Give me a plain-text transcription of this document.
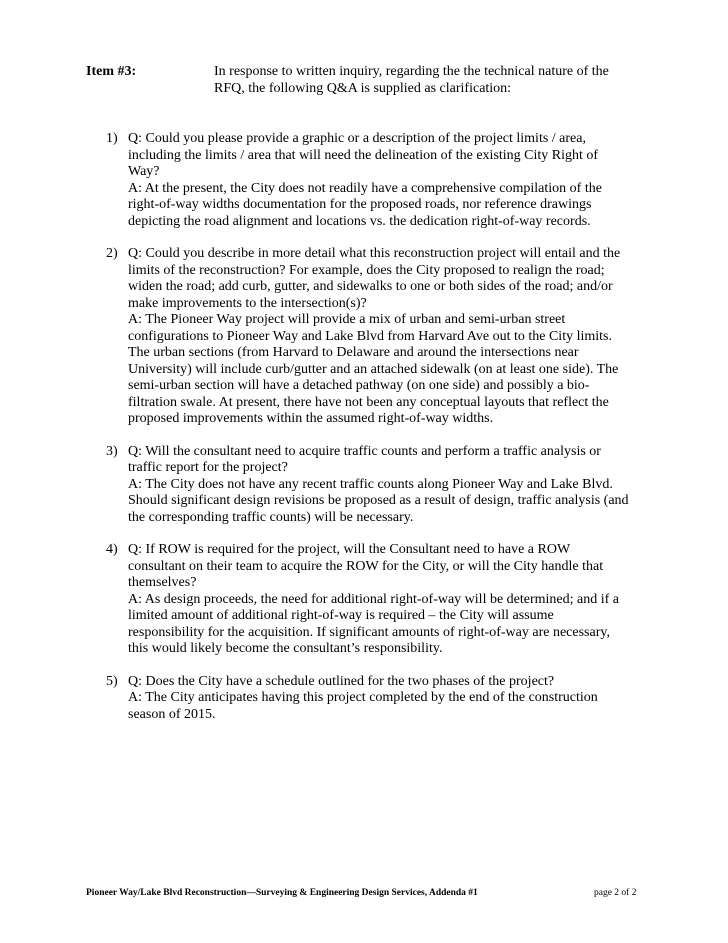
Item #3:	In response to written inquiry, regarding the the technical nature of the
RFQ, the following Q&A is supplied as clarification:
1) Q: Could you please provide a graphic or a description of the project limits / area,
including the limits / area that will need the delineation of the existing City Right of
Way?
A: At the present, the City does not readily have a comprehensive compilation of the
right-of-way widths documentation for the proposed roads, nor reference drawings
depicting the road alignment and locations vs. the dedication right-of-way records.
2) Q: Could you describe in more detail what this reconstruction project will entail and the
limits of the reconstruction? For example, does the City proposed to realign the road;
widen the road; add curb, gutter, and sidewalks to one or both sides of the road; and/or
make improvements to the intersection(s)?
A: The Pioneer Way project will provide a mix of urban and semi-urban street
configurations to Pioneer Way and Lake Blvd from Harvard Ave out to the City limits.
The urban sections (from Harvard to Delaware and around the intersections near
University) will include curb/gutter and an attached sidewalk (on at least one side). The
semi-urban section will have a detached pathway (on one side) and possibly a bio-
filtration swale. At present, there have not been any conceptual layouts that reflect the
proposed improvements within the assumed right-of-way widths.
3) Q: Will the consultant need to acquire traffic counts and perform a traffic analysis or
traffic report for the project?
A: The City does not have any recent traffic counts along Pioneer Way and Lake Blvd.
Should significant design revisions be proposed as a result of design, traffic analysis (and
the corresponding traffic counts) will be necessary.
4) Q: If ROW is required for the project, will the Consultant need to have a ROW
consultant on their team to acquire the ROW for the City, or will the City handle that
themselves?
A: As design proceeds, the need for additional right-of-way will be determined; and if a
limited amount of additional right-of-way is required – the City will assume
responsibility for the acquisition. If significant amounts of right-of-way are necessary,
this would likely become the consultant’s responsibility.
5) Q: Does the City have a schedule outlined for the two phases of the project?
A: The City anticipates having this project completed by the end of the construction
season of 2015.
Pioneer Way/Lake Blvd Reconstruction—Surveying & Engineering Design Services, Addenda #1	page 2 of 2
